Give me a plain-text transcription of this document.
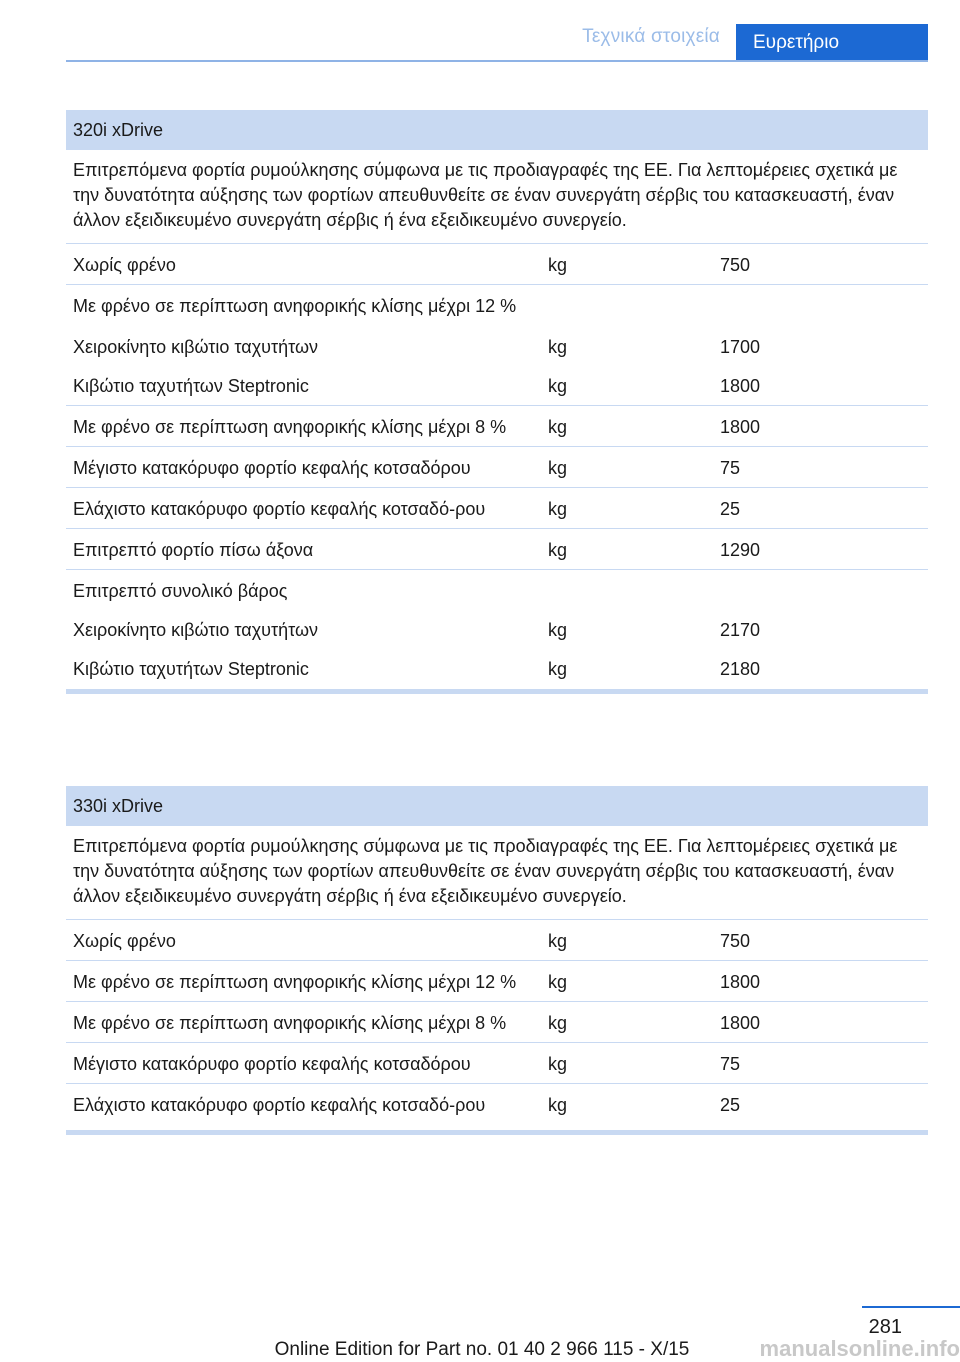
Τεχνικά στοιχεία	Ευρετήριο
320i xDrive
Επιτρεπόμενα φορτία ρυμούλκησης σύμφωνα με τις προδιαγραφές της ΕΕ. Για λεπτομέρειες σχετικά με την δυνατότητα αύξησης των φορτίων απευθυνθείτε σε έναν συνεργάτη σέρβις του κατασκευαστή, έναν άλλον εξειδικευμένο συνεργάτη σέρβις ή ένα εξειδικευμένο συνεργείο.
Χωρίς φρένο	kg	750
Με φρένο σε περίπτωση ανηφορικής κλίσης μέχρι 12 %
Χειροκίνητο κιβώτιο ταχυτήτων	kg	1700
Κιβώτιο ταχυτήτων Steptronic	kg	1800
Με φρένο σε περίπτωση ανηφορικής κλίσης μέχρι 8 %	kg	1800
Μέγιστο κατακόρυφο φορτίο κεφαλής κοτσαδόρου	kg	75
Ελάχιστο κατακόρυφο φορτίο κεφαλής κοτσαδό-ρου	kg	25
Επιτρεπτό φορτίο πίσω άξονα	kg	1290
Επιτρεπτό συνολικό βάρος
Χειροκίνητο κιβώτιο ταχυτήτων	kg	2170
Κιβώτιο ταχυτήτων Steptronic	kg	2180
330i xDrive
Επιτρεπόμενα φορτία ρυμούλκησης σύμφωνα με τις προδιαγραφές της ΕΕ. Για λεπτομέρειες σχετικά με την δυνατότητα αύξησης των φορτίων απευθυνθείτε σε έναν συνεργάτη σέρβις του κατασκευαστή, έναν άλλον εξειδικευμένο συνεργάτη σέρβις ή ένα εξειδικευμένο συνεργείο.
Χωρίς φρένο	kg	750
Με φρένο σε περίπτωση ανηφορικής κλίσης μέχρι 12 %	kg	1800
Με φρένο σε περίπτωση ανηφορικής κλίσης μέχρι 8 %	kg	1800
Μέγιστο κατακόρυφο φορτίο κεφαλής κοτσαδόρου	kg	75
Ελάχιστο κατακόρυφο φορτίο κεφαλής κοτσαδό-ρου	kg	25
281
Online Edition for Part no. 01 40 2 966 115 - X/15	manualsonline.info
